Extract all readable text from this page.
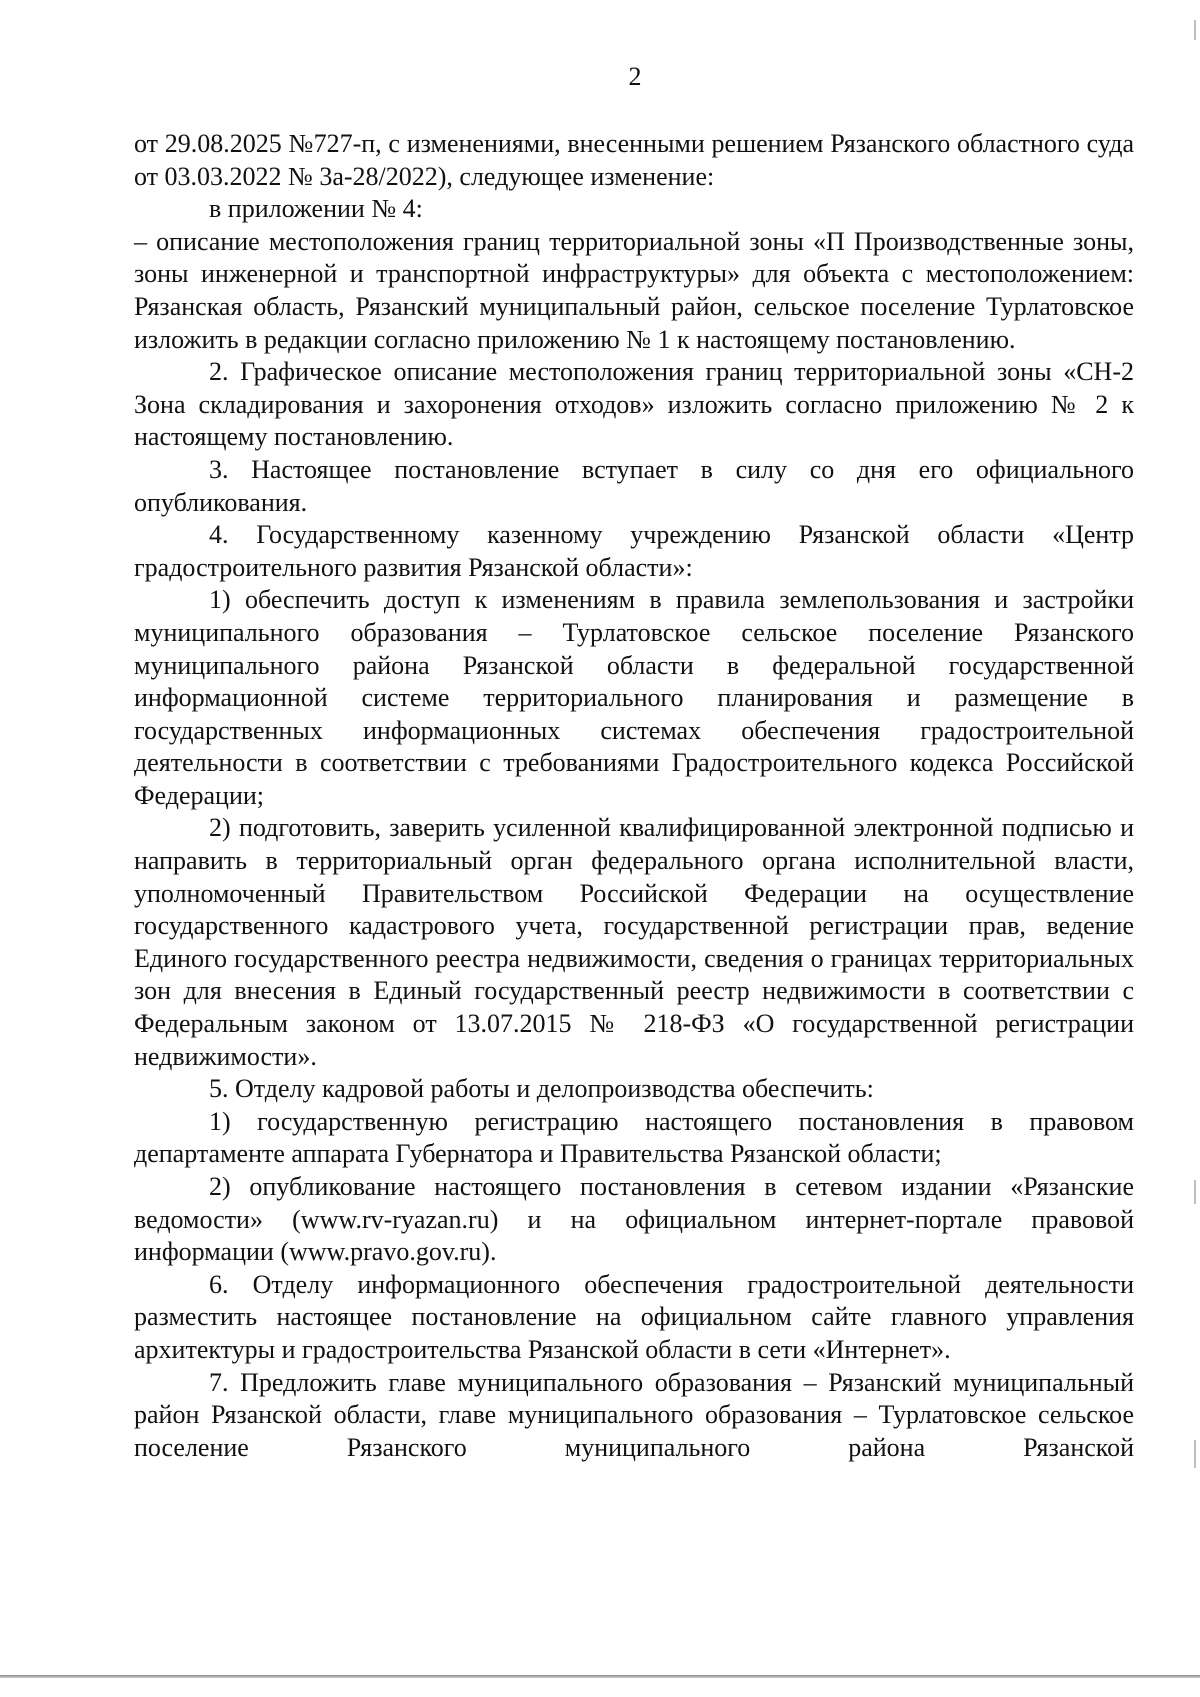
2

от 29.08.2025 №727-п, с изменениями, внесенными решением Рязанского областного суда от 03.03.2022 № 3а-28/2022), следующее изменение:

в приложении № 4:

– описание местоположения границ территориальной зоны «П Производственные зоны, зоны инженерной и транспортной инфраструктуры» для объекта с местоположением: Рязанская область, Рязанский муниципальный район, сельское поселение Турлатовское изложить в редакции согласно приложению № 1 к настоящему постановлению.

2. Графическое описание местоположения границ территориальной зоны «СН-2 Зона складирования и захоронения отходов» изложить согласно приложению № 2 к настоящему постановлению.

3. Настоящее постановление вступает в силу со дня его официального опубликования.

4. Государственному казенному учреждению Рязанской области «Центр градостроительного развития Рязанской области»:

1) обеспечить доступ к изменениям в правила землепользования и застройки муниципального образования – Турлатовское сельское поселение Рязанского муниципального района Рязанской области в федеральной государственной информационной системе территориального планирования и размещение в государственных информационных системах обеспечения градостроительной деятельности в соответствии с требованиями Градостроительного кодекса Российской Федерации;

2) подготовить, заверить усиленной квалифицированной электронной подписью и направить в территориальный орган федерального органа исполнительной власти, уполномоченный Правительством Российской Федерации на осуществление государственного кадастрового учета, государственной регистрации прав, ведение Единого государственного реестра недвижимости, сведения о границах территориальных зон для внесения в Единый государственный реестр недвижимости в соответствии с Федеральным законом от 13.07.2015 № 218-ФЗ «О государственной регистрации недвижимости».

5. Отделу кадровой работы и делопроизводства обеспечить:

1) государственную регистрацию настоящего постановления в правовом департаменте аппарата Губернатора и Правительства Рязанской области;

2) опубликование настоящего постановления в сетевом издании «Рязанские ведомости» (www.rv-ryazan.ru) и на официальном интернет-портале правовой информации (www.pravo.gov.ru).

6. Отделу информационного обеспечения градостроительной деятельности разместить настоящее постановление на официальном сайте главного управления архитектуры и градостроительства Рязанской области в сети «Интернет».

7. Предложить главе муниципального образования – Рязанский муниципальный район Рязанской области, главе муниципального образования – Турлатовское сельское поселение Рязанского муниципального района Рязанской
